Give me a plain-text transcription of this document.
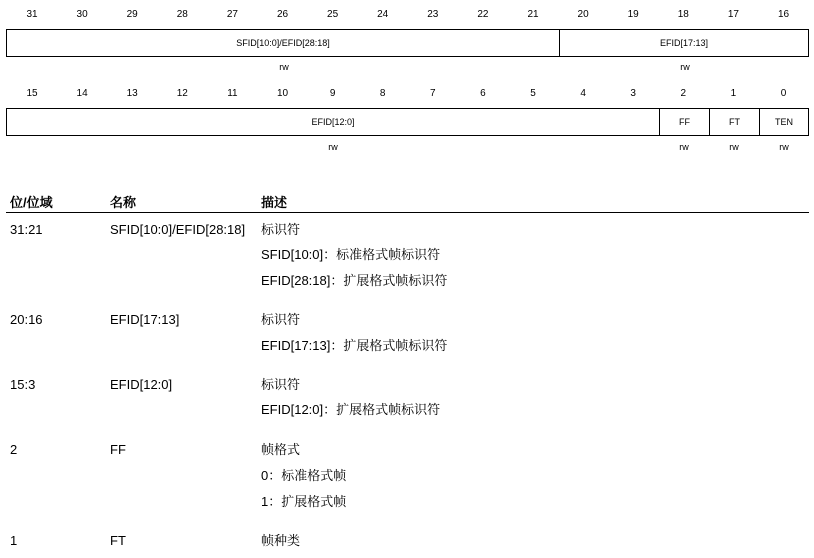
31	30	29	28	27	26	25	24	23	22	21	20	19	18	17	16
SFID[10:0]/EFID[28:18]	EFID[17:13]
rw	rw
15	14	13	12	11	10	9	8	7	6	5	4	3	2	1	0
EFID[12:0]	FF	FT	TEN
rw	rw	rw	rw
位/位域	名称	描述
31:21	SFID[10:0]/EFID[28:18]	标识符
SFID[10:0]：标准格式帧标识符
EFID[28:18]：扩展格式帧标识符
20:16	EFID[17:13]	标识符
EFID[17:13]：扩展格式帧标识符
15:3	EFID[12:0]	标识符
EFID[12:0]：扩展格式帧标识符
2	FF	帧格式
0：标准格式帧
1：扩展格式帧
1	FT	帧种类
